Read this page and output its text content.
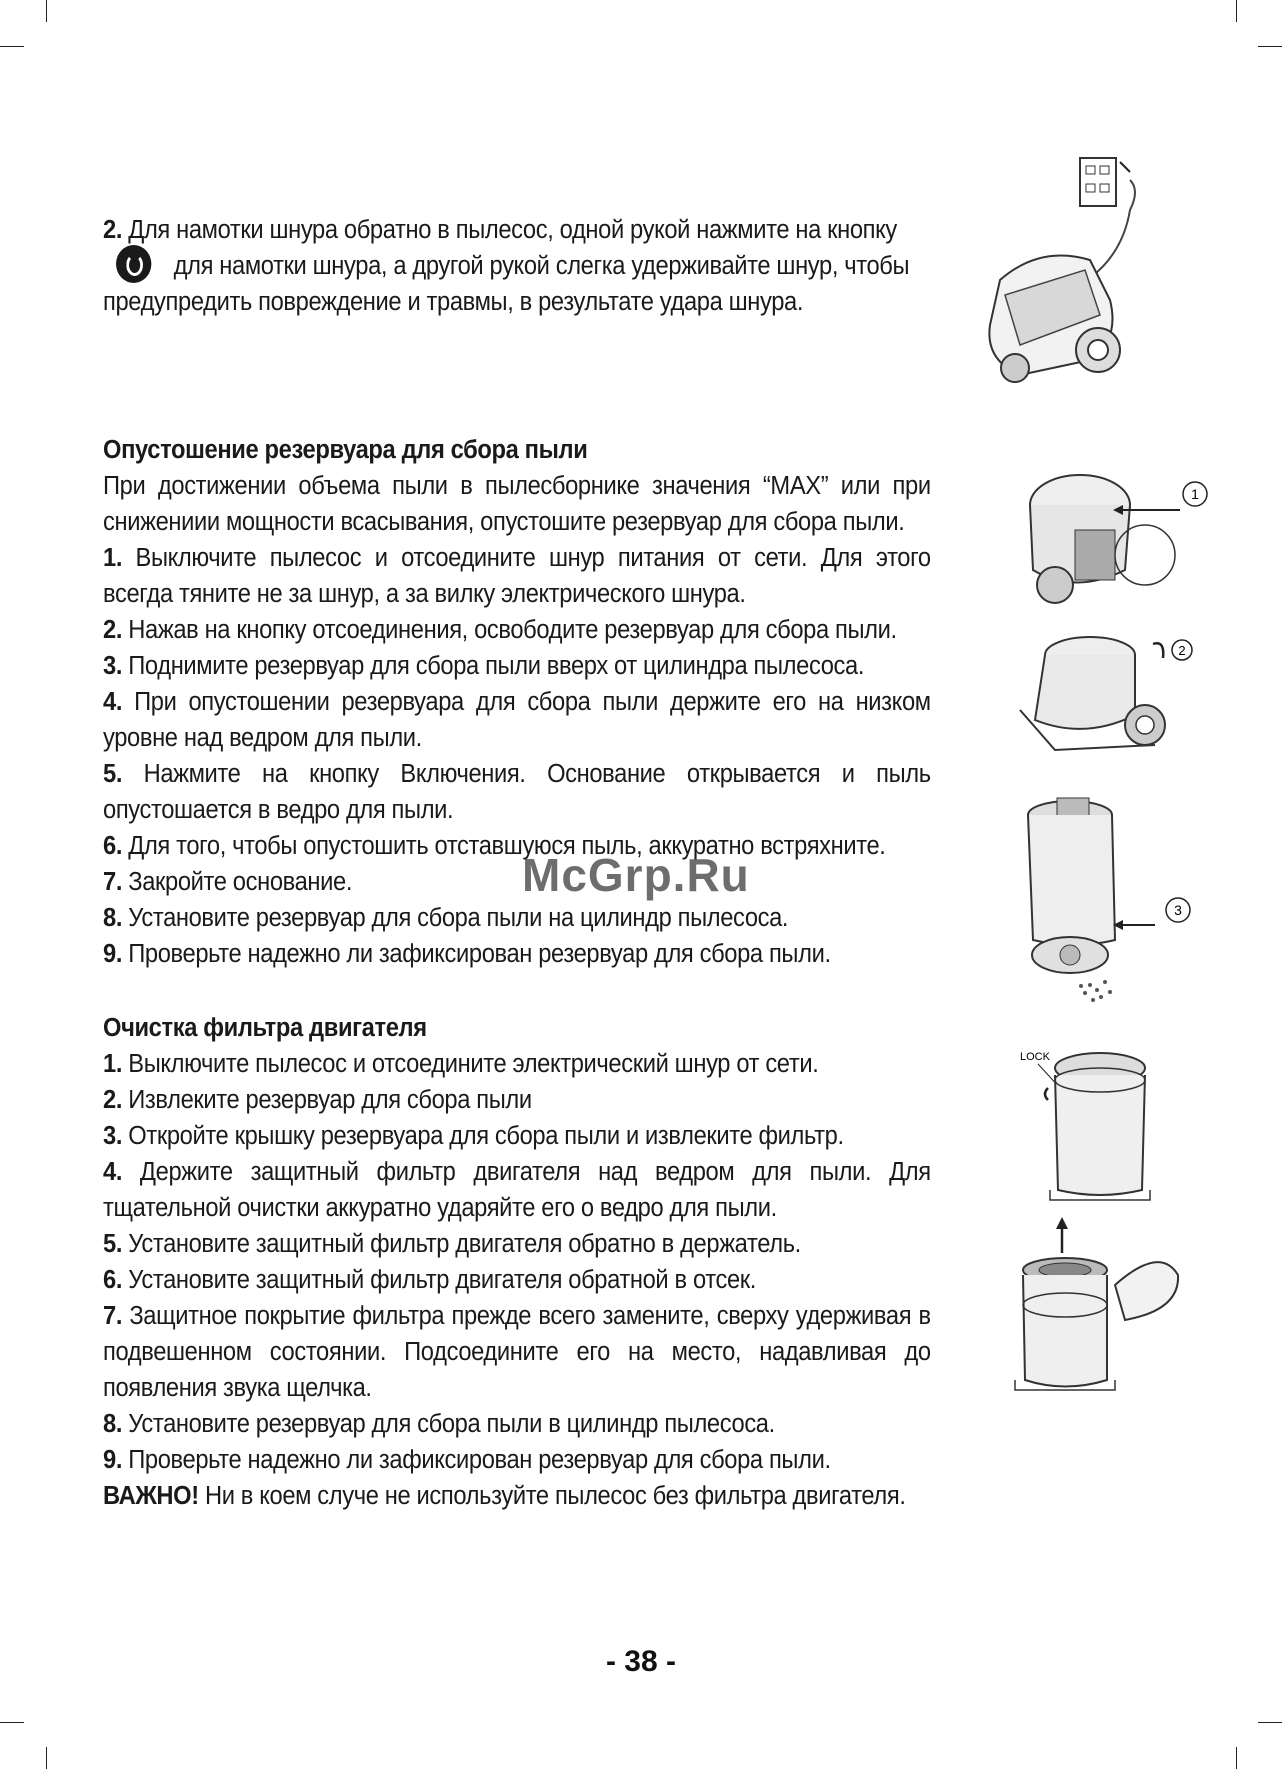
2. Для намотки шнура обратно в пылесос, одной рукой нажмите на кнопку

для намотки шнура, а другой рукой слегка удерживайте шнур, чтобы

предупредить повреждение и травмы, в результате удара шнура.

Опустошение резервуара для сбора пыли

При достижении объема пыли в пылесборнике значения “MAX” или при снижениии мощности всасывания, опустошите резервуар для сбора пыли.

1. Выключите пылесос и отсоедините шнур питания от сети. Для этого всегда тяните не за шнур, а за вилку электрического шнура.

2. Нажав на кнопку отсоединения, освободите резервуар для сбора пыли.

3. Поднимите резервуар для сбора пыли вверх от цилиндра пылесоса.

4. При опустошении резервуара для сбора пыли держите его на низком уровне над ведром для пыли.

5. Нажмите на кнопку Включения. Основание открывается и пыль опустошается в ведро для пыли.

6. Для того, чтобы опустошить отставшуюся пыль, аккуратно встряхните.

7. Закройте основание.

8. Установите резервуар для сбора пыли на цилиндр пылесоса.

9. Проверьте надежно ли зафиксирован резервуар для сбора пыли.

Очистка фильтра двигателя

1. Выключите пылесос и отсоедините электрический шнур от сети.

2. Извлеките резервуар для сбора пыли

3. Откройте крышку резервуара для сбора пыли и извлеките фильтр.

4. Держите защитный фильтр двигателя над ведром для пыли. Для тщательной очистки аккуратно ударяйте его о ведро для пыли.

5. Установите защитный фильтр двигателя обратно в держатель.

6. Установите защитный фильтр двигателя обратной в отсек.

7. Защитное покрытие фильтра прежде всего замените, сверху удерживая в подвешенном состоянии. Подсоедините его на место, надавливая до появления звука щелчка.

8. Установите резервуар для сбора пыли в цилиндр пылесоса.

9. Проверьте надежно ли зафиксирован резервуар для сбора пыли.

ВАЖНО! Ни в коем случе не используйте пылесос без фильтра двигателя.

1
2
3
LOCK
McGrp.Ru
- 38 -
